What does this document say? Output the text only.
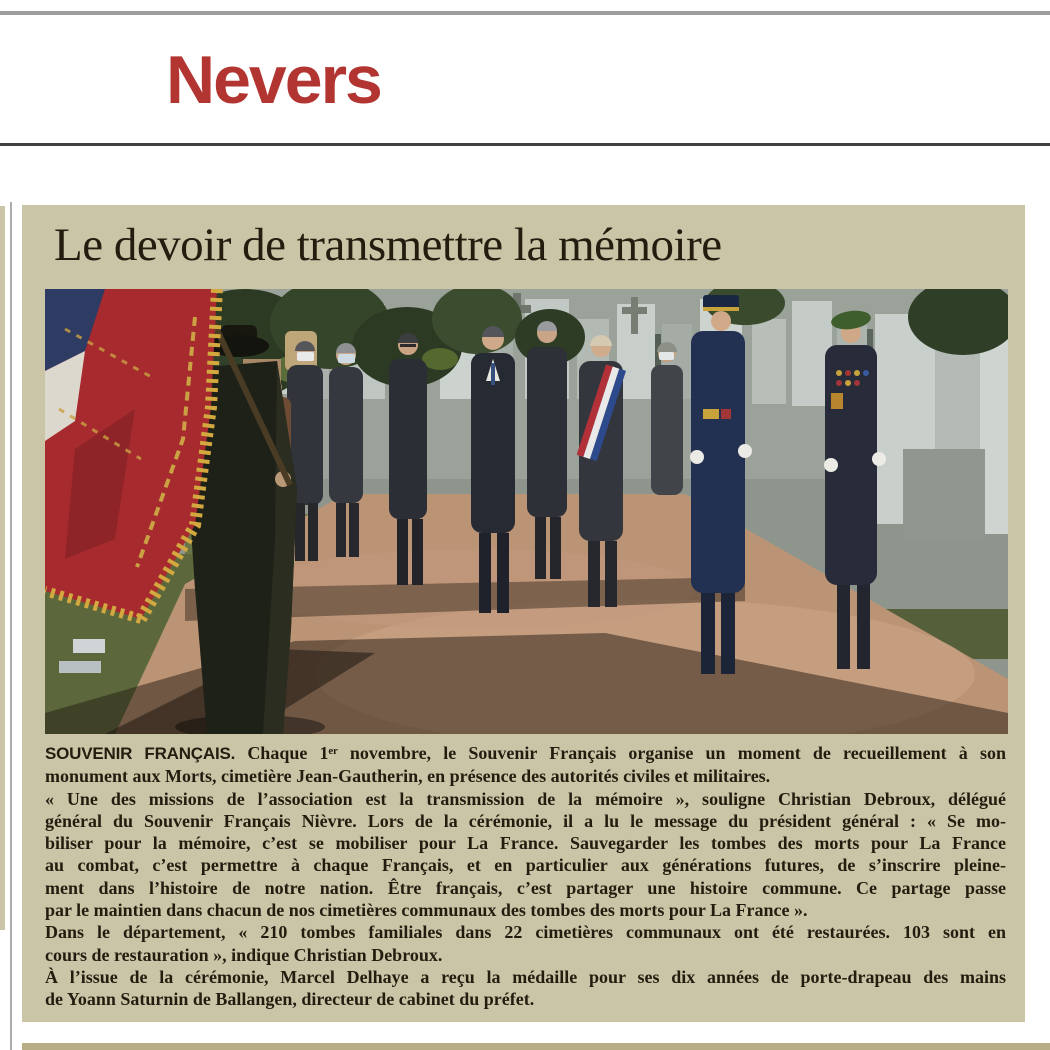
Nevers
Le devoir de transmettre la mémoire
SOUVENIR FRANÇAIS. Chaque 1ᵉʳ novembre, le Souvenir Français organise un moment de recueillement à son
monument aux Morts, cimetière Jean-Gautherin, en présence des autorités civiles et militaires.
« Une des missions de l’association est la transmission de la mémoire », souligne Christian Debroux, délégué
général du Souvenir Français Nièvre. Lors de la cérémonie, il a lu le message du président général : « Se mo-
biliser pour la mémoire, c’est se mobiliser pour La France. Sauvegarder les tombes des morts pour La France
au combat, c’est permettre à chaque Français, et en particulier aux générations futures, de s’inscrire pleine-
ment dans l’histoire de notre nation. Être français, c’est partager une histoire commune. Ce partage passe
par le maintien dans chacun de nos cimetières communaux des tombes des morts pour La France ».
Dans le département, « 210 tombes familiales dans 22 cimetières communaux ont été restaurées. 103 sont en
cours de restauration », indique Christian Debroux.
À l’issue de la cérémonie, Marcel Delhaye a reçu la médaille pour ses dix années de porte-drapeau des mains
de Yoann Saturnin de Ballangen, directeur de cabinet du préfet.
